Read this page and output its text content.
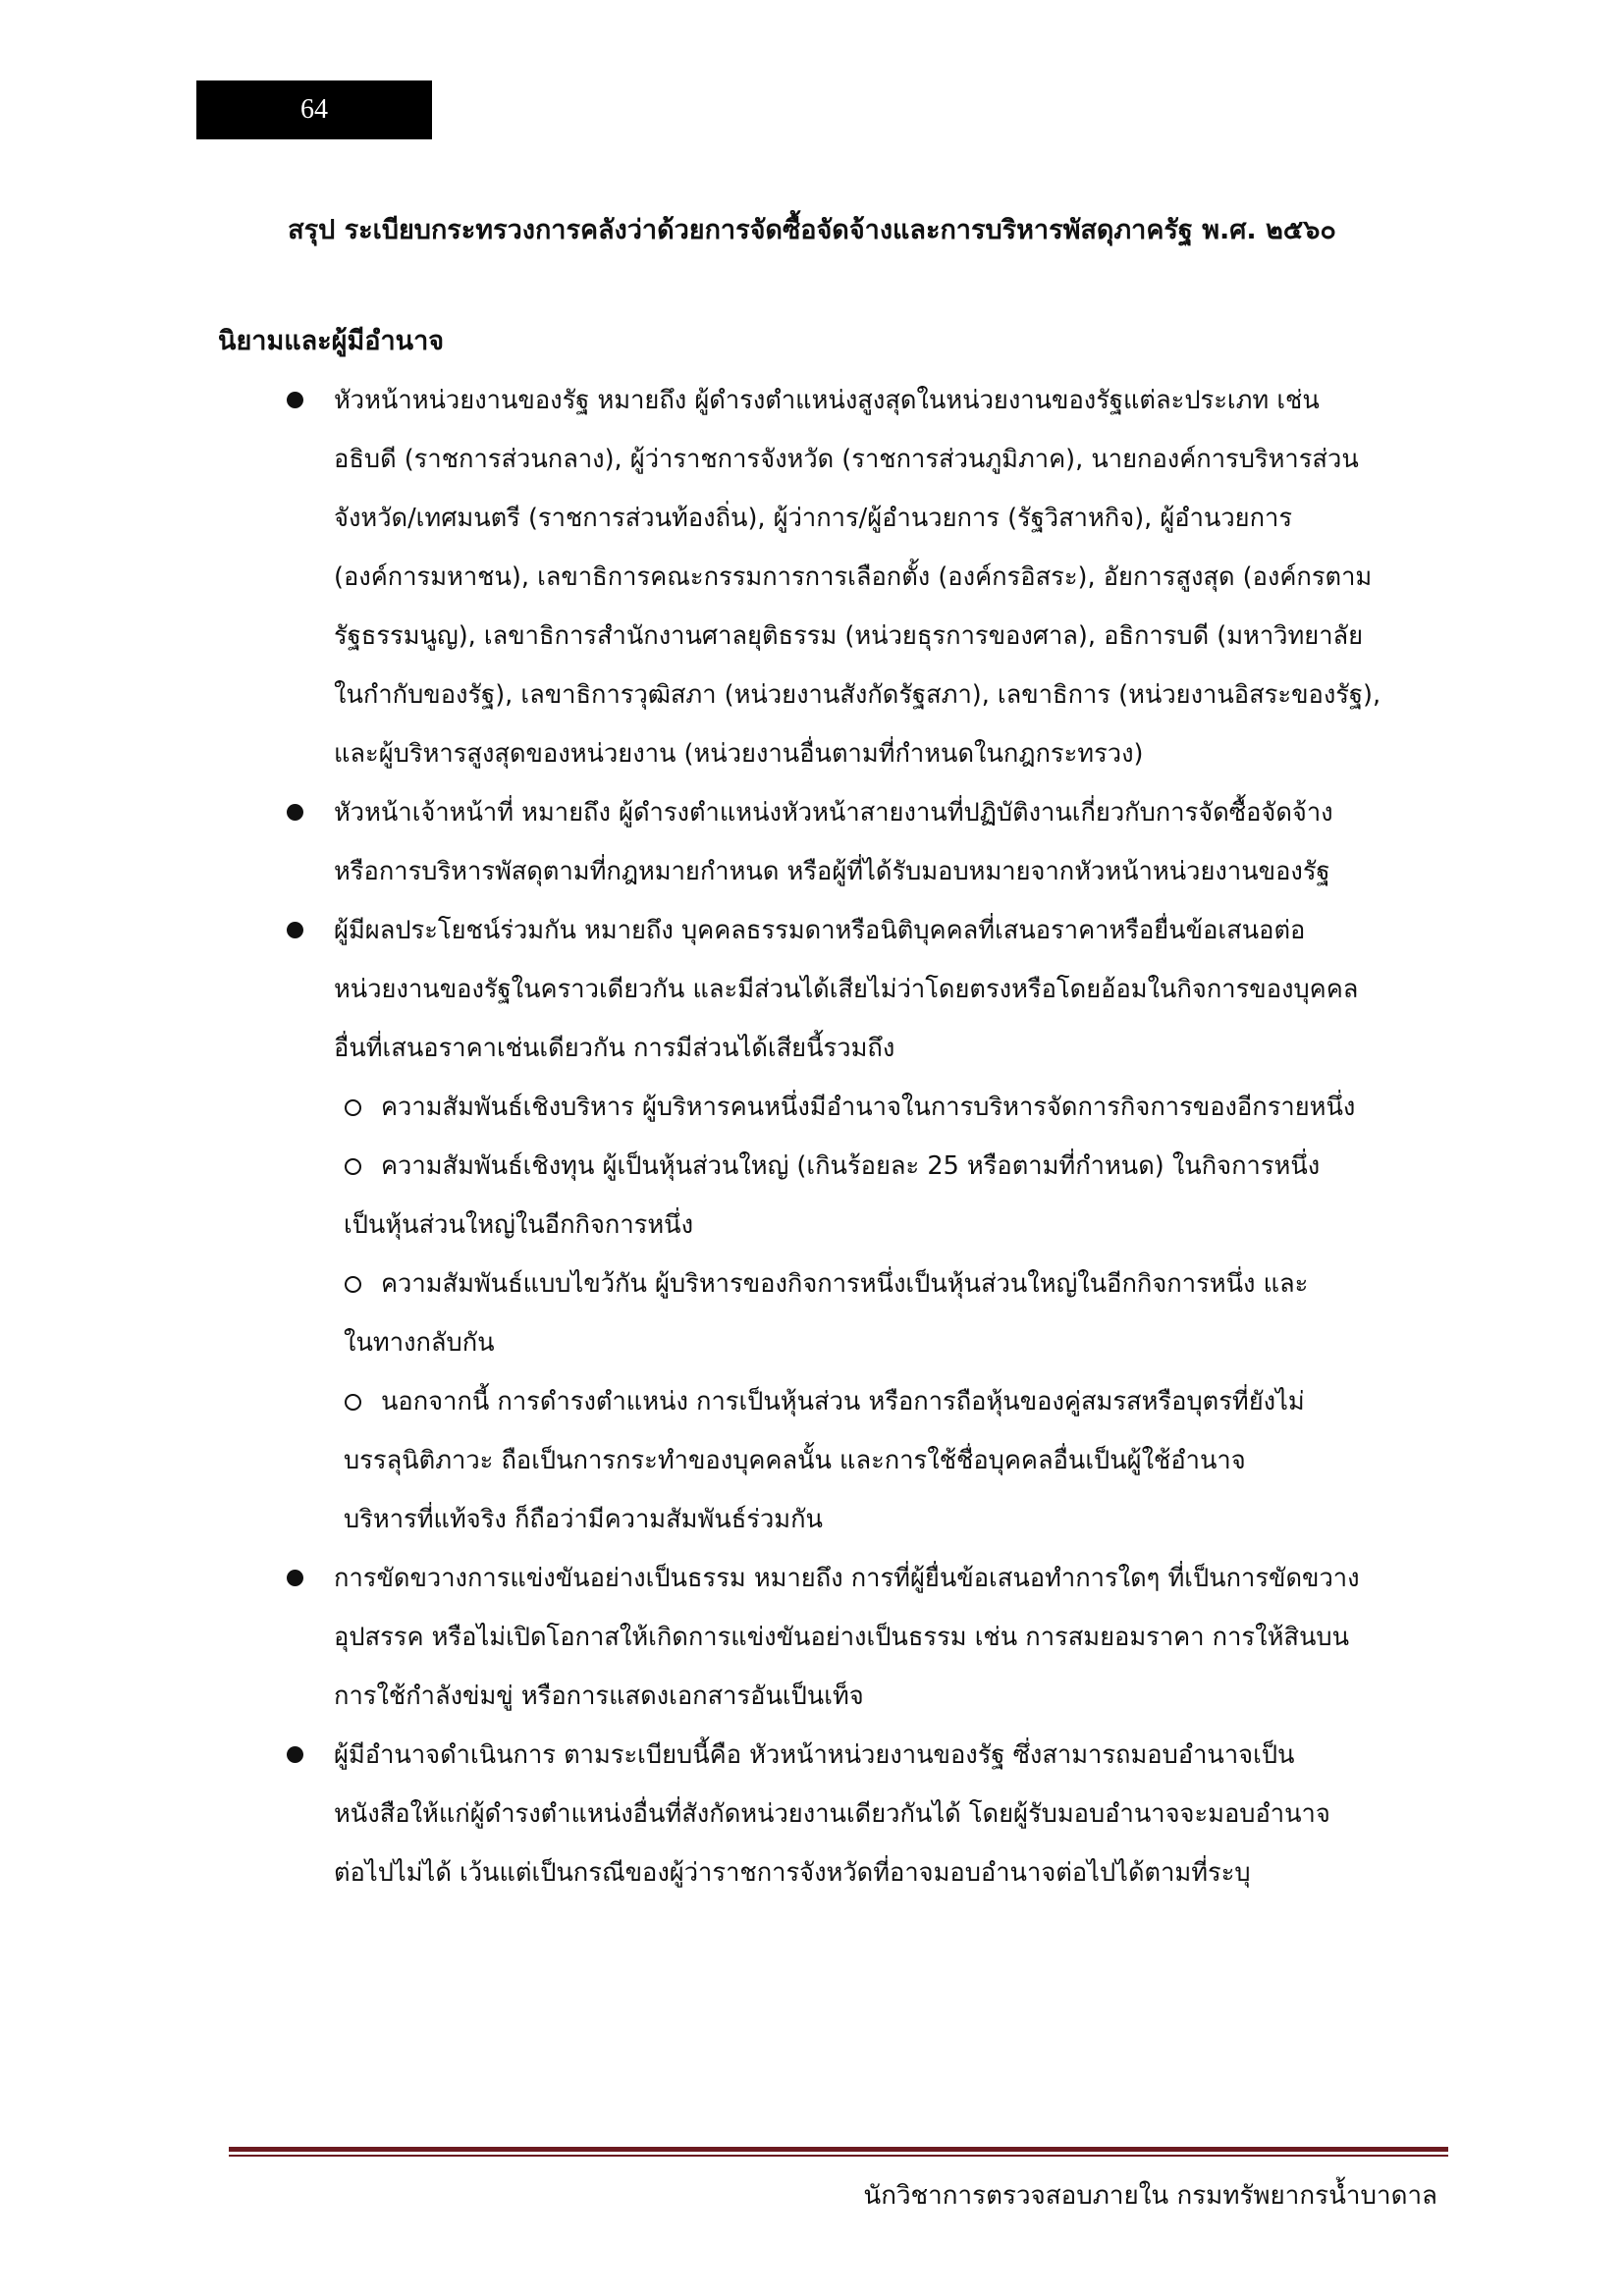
64
สรุป ระเบียบกระทรวงการคลังว่าด้วยการจัดซื้อจัดจ้างและการบริหารพัสดุภาครัฐ พ.ศ. ๒๕๖๐
นิยามและผู้มีอำนาจ
หัวหน้าหน่วยงานของรัฐ หมายถึง ผู้ดำรงตำแหน่งสูงสุดในหน่วยงานของรัฐแต่ละประเภท เช่น
อธิบดี (ราชการส่วนกลาง), ผู้ว่าราชการจังหวัด (ราชการส่วนภูมิภาค), นายกองค์การบริหารส่วน
จังหวัด/เทศมนตรี (ราชการส่วนท้องถิ่น), ผู้ว่าการ/ผู้อำนวยการ (รัฐวิสาหกิจ), ผู้อำนวยการ
(องค์การมหาชน), เลขาธิการคณะกรรมการการเลือกตั้ง (องค์กรอิสระ), อัยการสูงสุด (องค์กรตาม
รัฐธรรมนูญ), เลขาธิการสำนักงานศาลยุติธรรม (หน่วยธุรการของศาล), อธิการบดี (มหาวิทยาลัย
ในกำกับของรัฐ), เลขาธิการวุฒิสภา (หน่วยงานสังกัดรัฐสภา), เลขาธิการ (หน่วยงานอิสระของรัฐ),
และผู้บริหารสูงสุดของหน่วยงาน (หน่วยงานอื่นตามที่กำหนดในกฎกระทรวง)
หัวหน้าเจ้าหน้าที่ หมายถึง ผู้ดำรงตำแหน่งหัวหน้าสายงานที่ปฏิบัติงานเกี่ยวกับการจัดซื้อจัดจ้าง
หรือการบริหารพัสดุตามที่กฎหมายกำหนด หรือผู้ที่ได้รับมอบหมายจากหัวหน้าหน่วยงานของรัฐ
ผู้มีผลประโยชน์ร่วมกัน หมายถึง บุคคลธรรมดาหรือนิติบุคคลที่เสนอราคาหรือยื่นข้อเสนอต่อ
หน่วยงานของรัฐในคราวเดียวกัน และมีส่วนได้เสียไม่ว่าโดยตรงหรือโดยอ้อมในกิจการของบุคคล
อื่นที่เสนอราคาเช่นเดียวกัน การมีส่วนได้เสียนี้รวมถึง
ความสัมพันธ์เชิงบริหาร ผู้บริหารคนหนึ่งมีอำนาจในการบริหารจัดการกิจการของอีกรายหนึ่ง
ความสัมพันธ์เชิงทุน ผู้เป็นหุ้นส่วนใหญ่ (เกินร้อยละ 25 หรือตามที่กำหนด) ในกิจการหนึ่ง
เป็นหุ้นส่วนใหญ่ในอีกกิจการหนึ่ง
ความสัมพันธ์แบบไขว้กัน ผู้บริหารของกิจการหนึ่งเป็นหุ้นส่วนใหญ่ในอีกกิจการหนึ่ง และ
ในทางกลับกัน
นอกจากนี้ การดำรงตำแหน่ง การเป็นหุ้นส่วน หรือการถือหุ้นของคู่สมรสหรือบุตรที่ยังไม่
บรรลุนิติภาวะ ถือเป็นการกระทำของบุคคลนั้น และการใช้ชื่อบุคคลอื่นเป็นผู้ใช้อำนาจ
บริหารที่แท้จริง ก็ถือว่ามีความสัมพันธ์ร่วมกัน
การขัดขวางการแข่งขันอย่างเป็นธรรม หมายถึง การที่ผู้ยื่นข้อเสนอทำการใดๆ ที่เป็นการขัดขวาง
อุปสรรค หรือไม่เปิดโอกาสให้เกิดการแข่งขันอย่างเป็นธรรม เช่น การสมยอมราคา การให้สินบน
การใช้กำลังข่มขู่ หรือการแสดงเอกสารอันเป็นเท็จ
ผู้มีอำนาจดำเนินการ ตามระเบียบนี้คือ หัวหน้าหน่วยงานของรัฐ ซึ่งสามารถมอบอำนาจเป็น
หนังสือให้แก่ผู้ดำรงตำแหน่งอื่นที่สังกัดหน่วยงานเดียวกันได้ โดยผู้รับมอบอำนาจจะมอบอำนาจ
ต่อไปไม่ได้ เว้นแต่เป็นกรณีของผู้ว่าราชการจังหวัดที่อาจมอบอำนาจต่อไปได้ตามที่ระบุ
นักวิชาการตรวจสอบภายใน กรมทรัพยากรน้ำบาดาล
